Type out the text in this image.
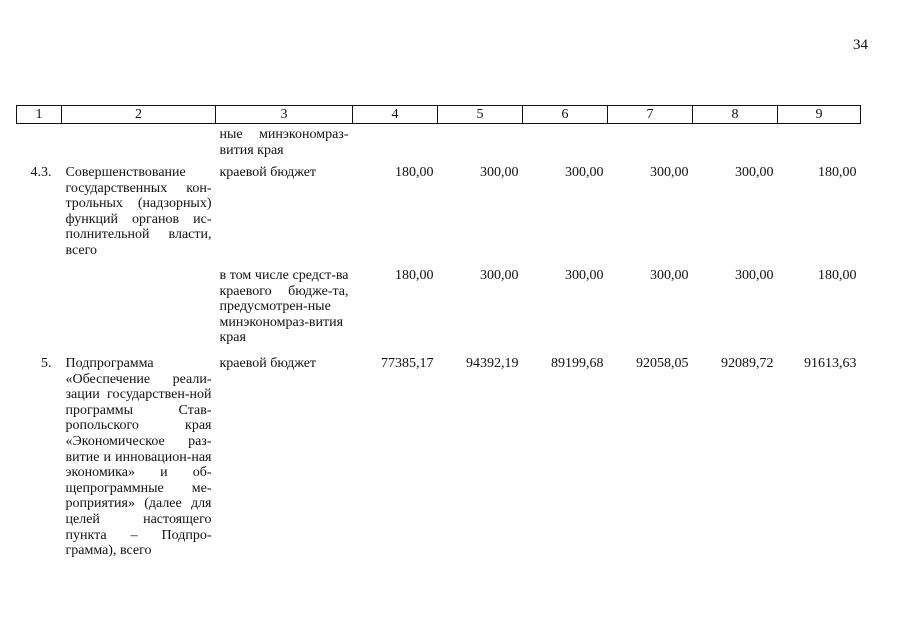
34
1	2	3	4	5	6	7	8	9
		ные минэкономраз-вития края						
4.3.	Совершенствование государственных кон-трольных (надзорных) функций органов ис-полнительной власти, всего	краевой бюджет	180,00	300,00	300,00	300,00	300,00	180,00
		в том числе средст-ва краевого бюдже-та, предусмотрен-ные минэкономраз-вития края	180,00	300,00	300,00	300,00	300,00	180,00
5.	Подпрограмма «Обеспечение реали-зации государствен-ной программы Став-ропольского края «Экономическое раз-витие и инновацион-ная экономика» и об-щепрограммные ме-роприятия» (далее для целей настоящего пункта – Подпро-грамма), всего	краевой бюджет	77385,17	94392,19	89199,68	92058,05	92089,72	91613,63
